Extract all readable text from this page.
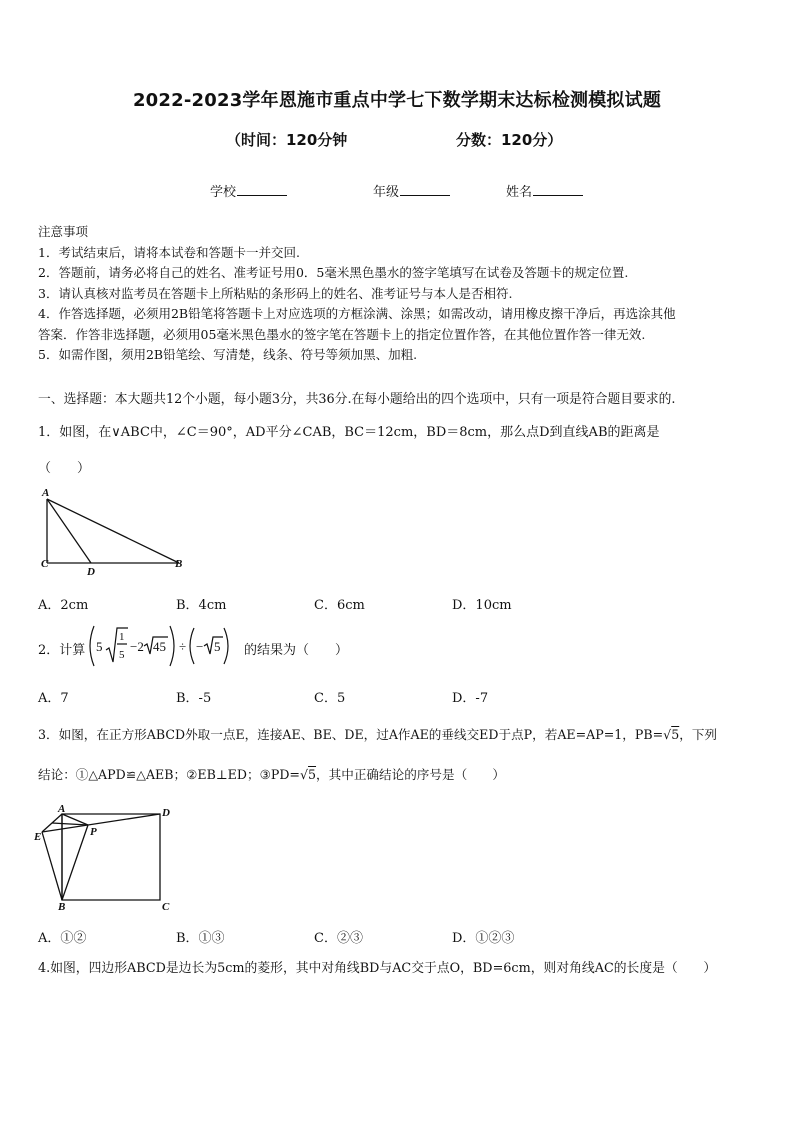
2022-2023学年恩施市重点中学七下数学期末达标检测模拟试题
（时间：120分钟	分数：120分）
学校	年级	姓名
注意事项
1．考试结束后，请将本试卷和答题卡一并交回.
2．答题前，请务必将自己的姓名、准考证号用0．5毫米黑色墨水的签字笔填写在试卷及答题卡的规定位置.
3．请认真核对监考员在答题卡上所粘贴的条形码上的姓名、准考证号与本人是否相符.
4．作答选择题，必须用2B铅笔将答题卡上对应选项的方框涂满、涂黑；如需改动，请用橡皮擦干净后，再选涂其他
答案．作答非选择题，必须用05毫米黑色墨水的签字笔在答题卡上的指定位置作答，在其他位置作答一律无效.
5．如需作图，须用2B铅笔绘、写清楚，线条、符号等须加黑、加粗.
一、选择题：本大题共12个小题，每小题3分，共36分.在每小题给出的四个选项中，只有一项是符合题目要求的.
1．如图，在∨ABC中，∠C＝90°，AD平分∠CAB，BC＝12cm，BD＝8cm，那么点D到直线AB的距离是
（　　）
A
C
D
B
A．2cm	B．4cm	C．6cm	D．10cm
2．计算 5
1
5
−2 45 ÷ − 5 的结果为（　　）
A．7	B．-5	C．5	D．-7
3．如图，在正方形ABCD外取一点E，连接AE、BE、DE，过A作AE的垂线交ED于点P，若AE=AP=1，PB=√5，下列
结论：①△APD≌△AEB；②EB⊥ED；③PD=√5，其中正确结论的序号是（　　）
A	D
E	P
B	C
A．①②	B．①③	C．②③	D．①②③
4.如图，四边形ABCD是边长为5cm的菱形，其中对角线BD与AC交于点O，BD=6cm，则对角线AC的长度是（　　）
